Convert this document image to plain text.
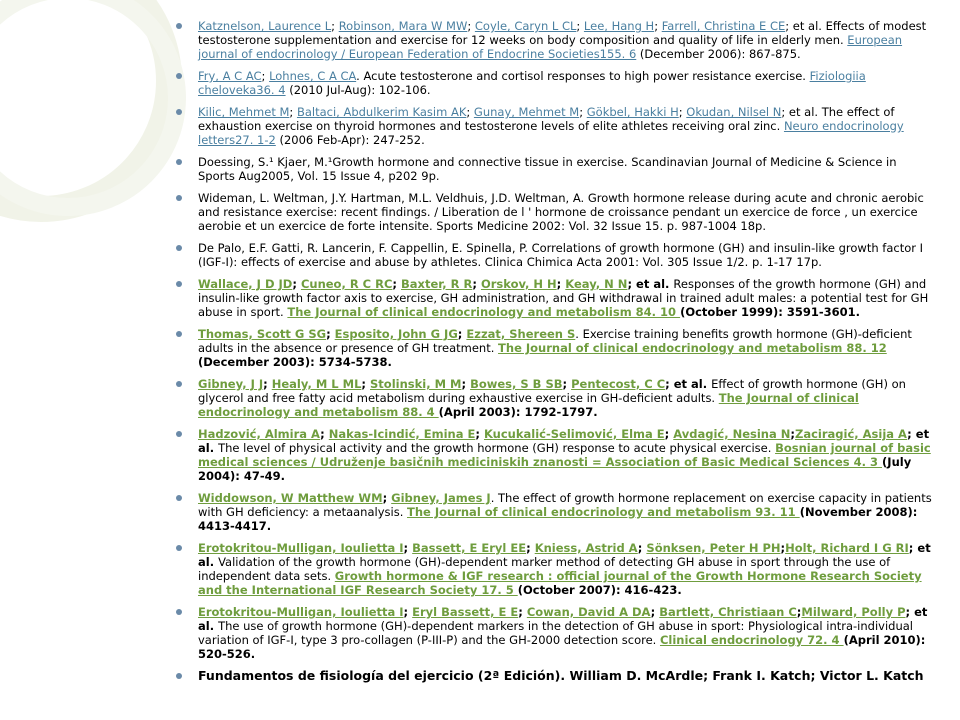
Katznelson, Laurence L; Robinson, Mara W MW; Coyle, Caryn L CL; Lee, Hang H; Farrell, Christina E CE; et al. Effects of modest testosterone supplementation and exercise for 12 weeks on body composition and quality of life in elderly men. European journal of endocrinology / European Federation of Endocrine Societies155. 6 (December 2006): 867-875.
Fry, A C AC; Lohnes, C A CA. Acute testosterone and cortisol responses to high power resistance exercise. Fiziologiia cheloveka36. 4 (2010 Jul-Aug): 102-106.
Kilic, Mehmet M; Baltaci, Abdulkerim Kasim AK; Gunay, Mehmet M; Gökbel, Hakki H; Okudan, Nilsel N; et al. The effect of exhaustion exercise on thyroid hormones and testosterone levels of elite athletes receiving oral zinc. Neuro endocrinology letters27. 1-2 (2006 Feb-Apr): 247-252.
Doessing, S.¹ Kjaer, M.¹Growth hormone and connective tissue in exercise. Scandinavian Journal of Medicine & Science in Sports Aug2005, Vol. 15 Issue 4, p202 9p.
Wideman, L. Weltman, J.Y. Hartman, M.L. Veldhuis, J.D. Weltman, A. Growth hormone release during acute and chronic aerobic and resistance exercise: recent findings. / Liberation de l ' hormone de croissance pendant un exercice de force , un exercice aerobie et un exercice de forte intensite. Sports Medicine 2002: Vol. 32 Issue 15. p. 987-1004 18p.
De Palo, E.F. Gatti, R. Lancerin, F. Cappellin, E. Spinella, P. Correlations of growth hormone (GH) and insulin-like growth factor I (IGF-I): effects of exercise and abuse by athletes. Clinica Chimica Acta 2001: Vol. 305 Issue 1/2. p. 1-17 17p.
Wallace, J D JD; Cuneo, R C RC; Baxter, R R; Orskov, H H; Keay, N N; et al. Responses of the growth hormone (GH) and insulin-like growth factor axis to exercise, GH administration, and GH withdrawal in trained adult males: a potential test for GH abuse in sport. The Journal of clinical endocrinology and metabolism 84. 10 (October 1999): 3591-3601.
Thomas, Scott G SG; Esposito, John G JG; Ezzat, Shereen S. Exercise training benefits growth hormone (GH)-deficient adults in the absence or presence of GH treatment. The Journal of clinical endocrinology and metabolism 88. 12 (December 2003): 5734-5738.
Gibney, J J; Healy, M L ML; Stolinski, M M; Bowes, S B SB; Pentecost, C C; et al. Effect of growth hormone (GH) on glycerol and free fatty acid metabolism during exhaustive exercise in GH-deficient adults. The Journal of clinical endocrinology and metabolism 88. 4 (April 2003): 1792-1797.
Hadzović, Almira A; Nakas-Icindić, Emina E; Kucukalić-Selimović, Elma E; Avdagić, Nesina N;Zaciragić, Asija A; et al. The level of physical activity and the growth hormone (GH) response to acute physical exercise. Bosnian journal of basic medical sciences / Udruženje basičnih mediciniskih znanosti = Association of Basic Medical Sciences 4. 3 (July 2004): 47-49.
Widdowson, W Matthew WM; Gibney, James J. The effect of growth hormone replacement on exercise capacity in patients with GH deficiency: a metaanalysis. The Journal of clinical endocrinology and metabolism 93. 11 (November 2008): 4413-4417.
Erotokritou-Mulligan, Ioulietta I; Bassett, E Eryl EE; Kniess, Astrid A; Sönksen, Peter H PH;Holt, Richard I G RI; et al. Validation of the growth hormone (GH)-dependent marker method of detecting GH abuse in sport through the use of independent data sets. Growth hormone & IGF research : official journal of the Growth Hormone Research Society and the International IGF Research Society 17. 5 (October 2007): 416-423.
Erotokritou-Mulligan, Ioulietta I; Eryl Bassett, E E; Cowan, David A DA; Bartlett, Christiaan C;Milward, Polly P; et al. The use of growth hormone (GH)-dependent markers in the detection of GH abuse in sport: Physiological intra-individual variation of IGF-I, type 3 pro-collagen (P-III-P) and the GH-2000 detection score. Clinical endocrinology 72. 4 (April 2010): 520-526.
Fundamentos de fisiología del ejercicio (2ª Edición). William D. McArdle; Frank I. Katch; Victor L. Katch
